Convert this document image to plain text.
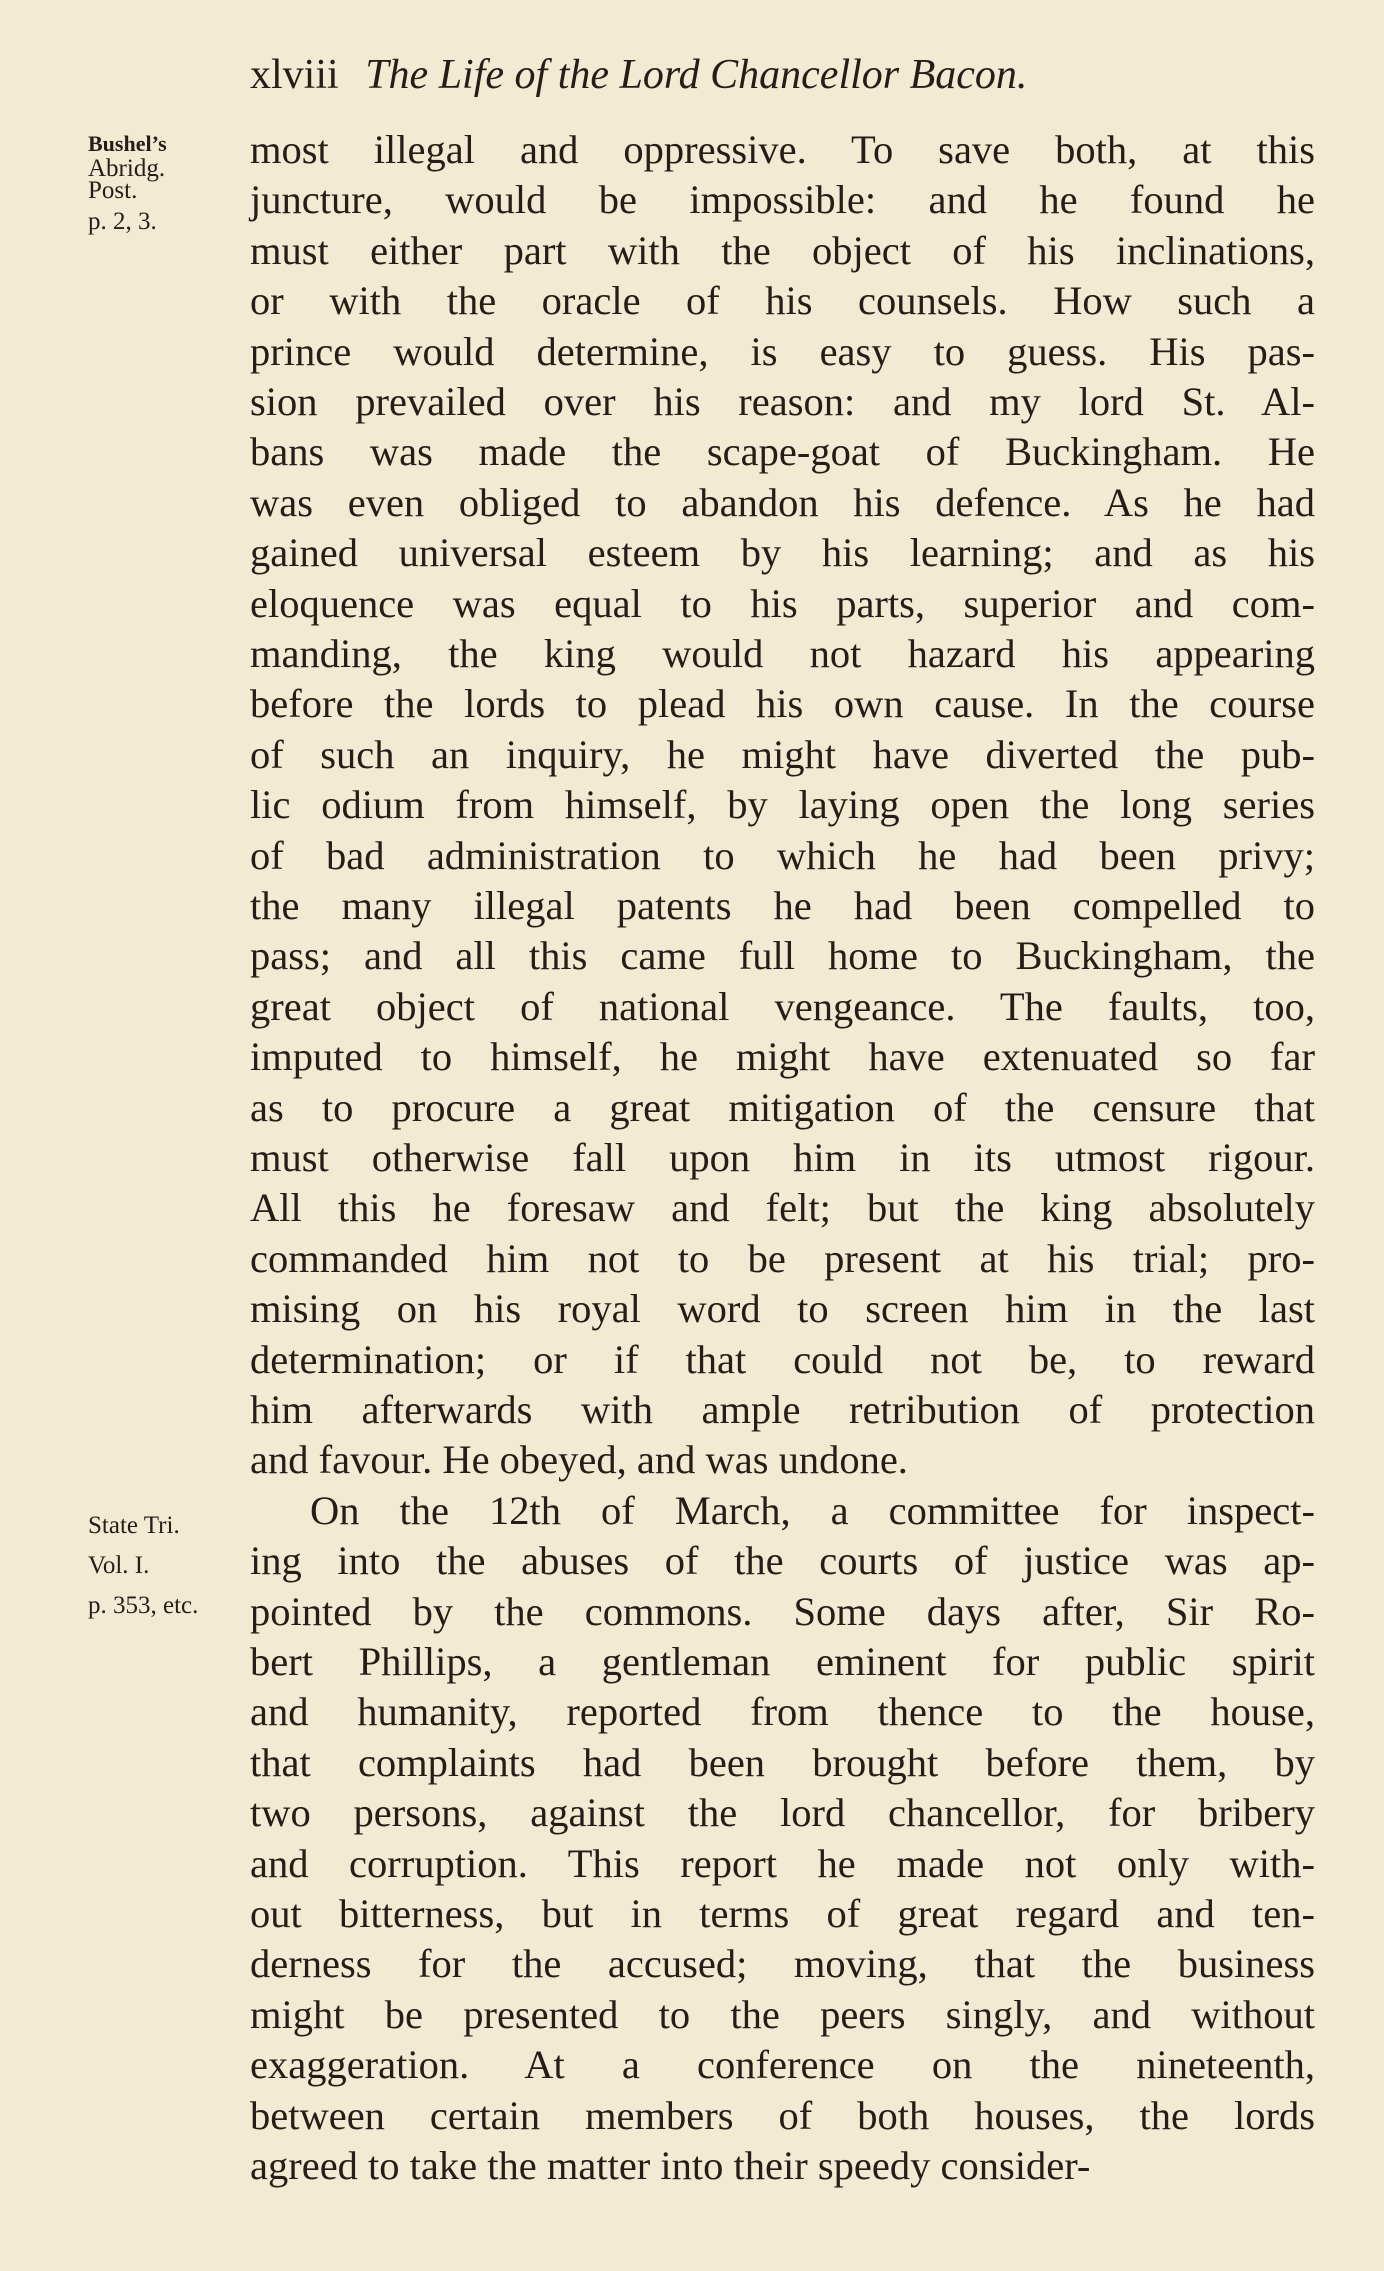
xlviii The Life of the Lord Chancellor Bacon.
Bushel’s
Abridg.
Post.
p. 2, 3.
State Tri.
Vol. I.
p. 353, etc.
most illegal and oppressive. To save both, at this
juncture, would be impossible: and he found he
must either part with the object of his inclinations,
or with the oracle of his counsels. How such a
prince would determine, is easy to guess. His pas-
sion prevailed over his reason: and my lord St. Al-
bans was made the scape-goat of Buckingham. He
was even obliged to abandon his defence. As he had
gained universal esteem by his learning; and as his
eloquence was equal to his parts, superior and com-
manding, the king would not hazard his appearing
before the lords to plead his own cause. In the course
of such an inquiry, he might have diverted the pub-
lic odium from himself, by laying open the long series
of bad administration to which he had been privy;
the many illegal patents he had been compelled to
pass; and all this came full home to Buckingham, the
great object of national vengeance. The faults, too,
imputed to himself, he might have extenuated so far
as to procure a great mitigation of the censure that
must otherwise fall upon him in its utmost rigour.
All this he foresaw and felt; but the king absolutely
commanded him not to be present at his trial; pro-
mising on his royal word to screen him in the last
determination; or if that could not be, to reward
him afterwards with ample retribution of protection
and favour. He obeyed, and was undone.
On the 12th of March, a committee for inspect-
ing into the abuses of the courts of justice was ap-
pointed by the commons. Some days after, Sir Ro-
bert Phillips, a gentleman eminent for public spirit
and humanity, reported from thence to the house,
that complaints had been brought before them, by
two persons, against the lord chancellor, for bribery
and corruption. This report he made not only with-
out bitterness, but in terms of great regard and ten-
derness for the accused; moving, that the business
might be presented to the peers singly, and without
exaggeration. At a conference on the nineteenth,
between certain members of both houses, the lords
agreed to take the matter into their speedy consider-
